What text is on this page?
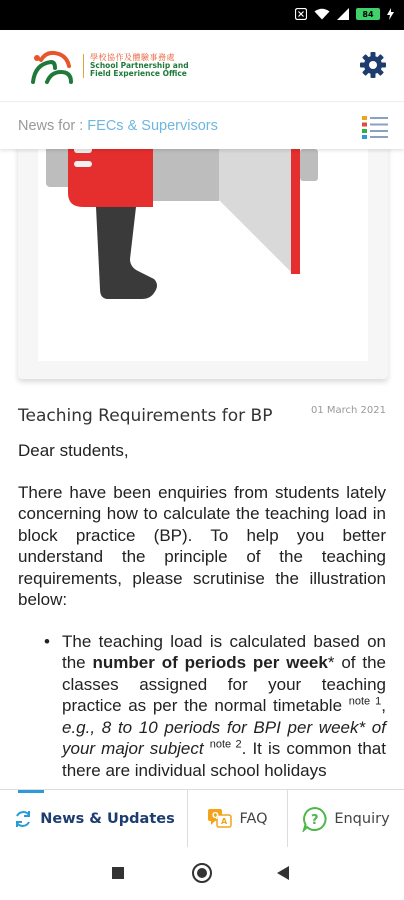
84
學校協作及體驗事務處
School Partnership and
Field Experience Office
News for : FECs & Supervisors
Teaching Requirements for BP	01 March 2021

Dear students,

There have been enquiries from students lately concerning how to calculate the teaching load in block practice (BP). To help you better understand the principle of the teaching requirements, please scrutinise the illustration below:

• The teaching load is calculated based on the number of periods per week* of the classes assigned for your teaching practice as per the normal timetable $^{note 1}$, e.g., 8 to 10 periods for BPI per week* of your major subject $^{note 2}$. It is common that there are individual school holidays
News & Updates	Q
A FAQ	? Enquiry
